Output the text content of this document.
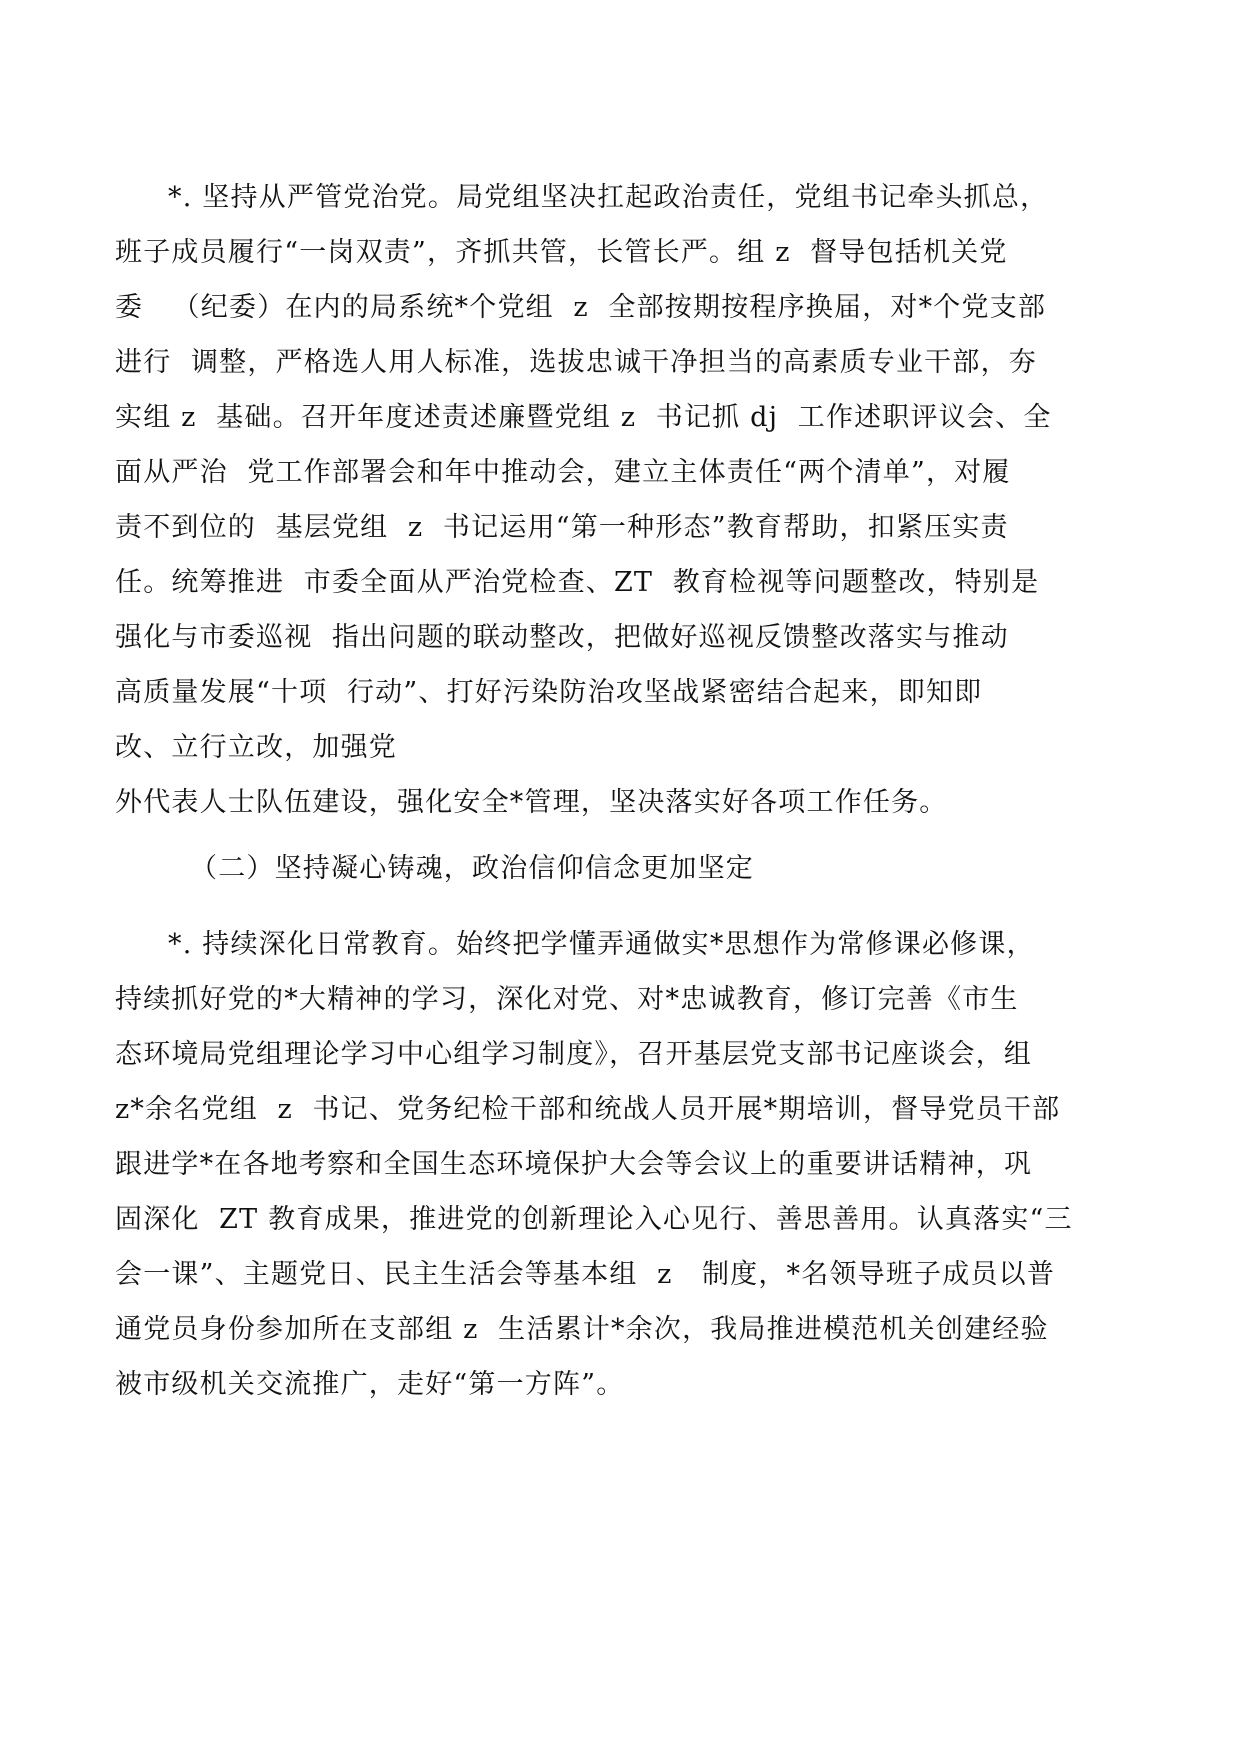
*. 坚持从严管党治党。局党组坚决扛起政治责任，党组书记牵头抓总，
班子成员履行“一岗双责”，齐抓共管，长管长严。组 z  督导包括机关党
委   （纪委）在内的局系统*个党组  z  全部按期按程序换届，对*个党支部
进行  调整，严格选人用人标准，选拔忠诚干净担当的高素质专业干部，夯
实组 z  基础。召开年度述责述廉暨党组 z  书记抓 dj  工作述职评议会、全
面从严治  党工作部署会和年中推动会，建立主体责任“两个清单”，对履
责不到位的  基层党组  z  书记运用“第一种形态”教育帮助，扣紧压实责
任。统筹推进  市委全面从严治党检查、ZT  教育检视等问题整改，特别是
强化与市委巡视  指出问题的联动整改，把做好巡视反馈整改落实与推动
高质量发展“十项  行动”、打好污染防治攻坚战紧密结合起来，即知即
改、立行立改，加强党
外代表人士队伍建设，强化安全*管理，坚决落实好各项工作任务。
（二）坚持凝心铸魂，政治信仰信念更加坚定
*. 持续深化日常教育。始终把学懂弄通做实*思想作为常修课必修课，
持续抓好党的*大精神的学习，深化对党、对*忠诚教育，修订完善《市生
态环境局党组理论学习中心组学习制度》，召开基层党支部书记座谈会，组
z*余名党组  z  书记、党务纪检干部和统战人员开展*期培训，督导党员干部
跟进学*在各地考察和全国生态环境保护大会等会议上的重要讲话精神，巩
固深化  ZT 教育成果，推进党的创新理论入心见行、善思善用。认真落实“三
会一课”、主题党日、民主生活会等基本组  z   制度，*名领导班子成员以普
通党员身份参加所在支部组 z  生活累计*余次，我局推进模范机关创建经验
被市级机关交流推广，走好“第一方阵”。
